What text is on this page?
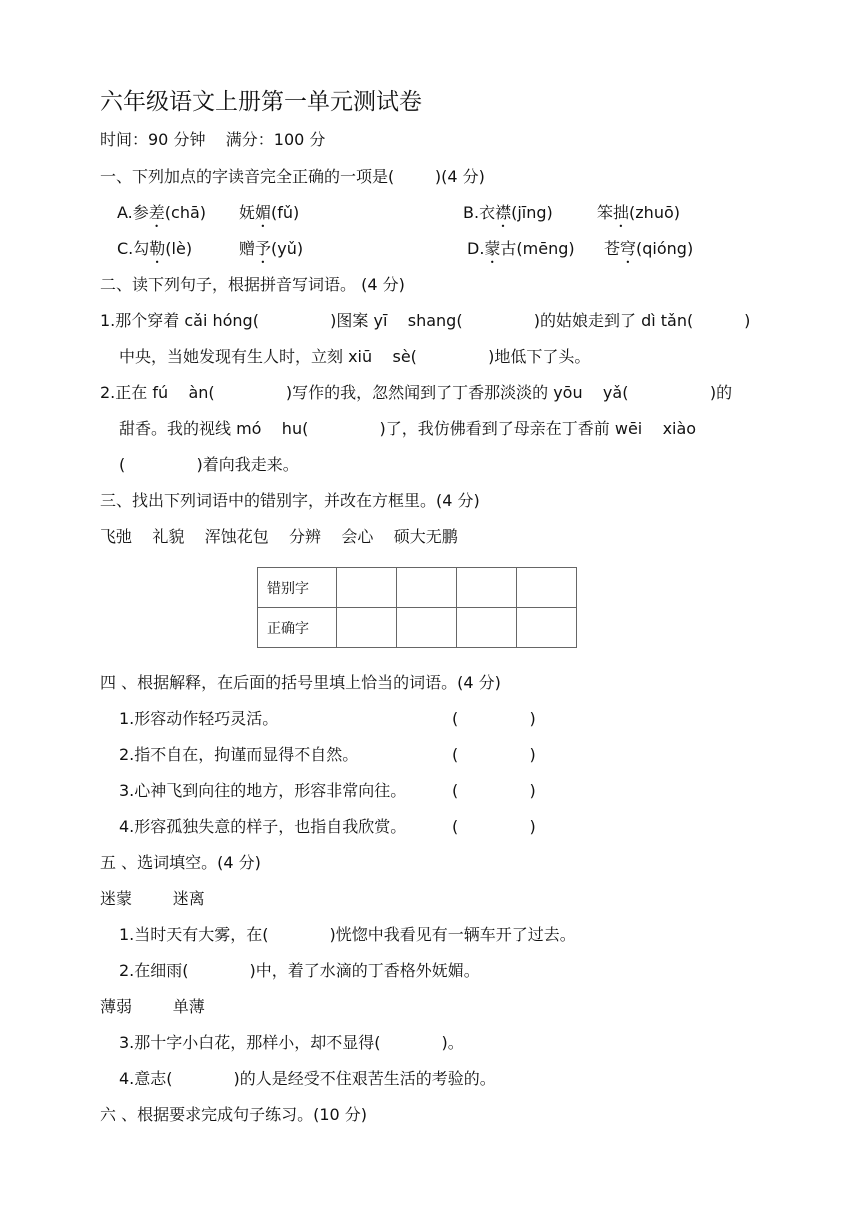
六年级语文上册第一单元测试卷
时间：90 分钟    满分：100 分
一、下列加点的字读音完全正确的一项是(        )(4 分)
A.参差(chā) 妩媚(fǔ)	B.衣襟(jīng)	笨拙(zhuō)
C.勾勒(lè)	赠予(yǔ)	D.蒙古(mēng) 苍穹(qióng)
二、读下列句子，根据拼音写词语。 (4 分)
1.那个穿着 cǎi hóng(              )图案 yī    shang(              )的姑娘走到了 dì tǎn(          )
中央，当她发现有生人时，立刻 xiū    sè(              )地低下了头。
2.正在 fú    àn(              )写作的我，忽然闻到了丁香那淡淡的 yōu    yǎ(                )的
甜香。我的视线 mó    hu(              )了，我仿佛看到了母亲在丁香前 wēi    xiào
(              )着向我走来。
三、找出下列词语中的错别字，并改在方框里。(4 分)
飞弛    礼貌    浑蚀花包    分辨    会心    硕大无鹏
错别字				
正确字				
四 、根据解释，在后面的括号里填上恰当的词语。(4 分)
1.形容动作轻巧灵活。	(              )
2.指不自在，拘谨而显得不自然。	(              )
3.心神飞到向往的地方，形容非常向往。	(              )
4.形容孤独失意的样子，也指自我欣赏。	(              )
五 、选词填空。(4 分)
迷蒙        迷离
1.当时天有大雾，在(            )恍惚中我看见有一辆车开了过去。
2.在细雨(            )中，着了水滴的丁香格外妩媚。
薄弱        单薄
3.那十字小白花，那样小，却不显得(            )。
4.意志(            )的人是经受不住艰苦生活的考验的。
六 、根据要求完成句子练习。(10 分)
